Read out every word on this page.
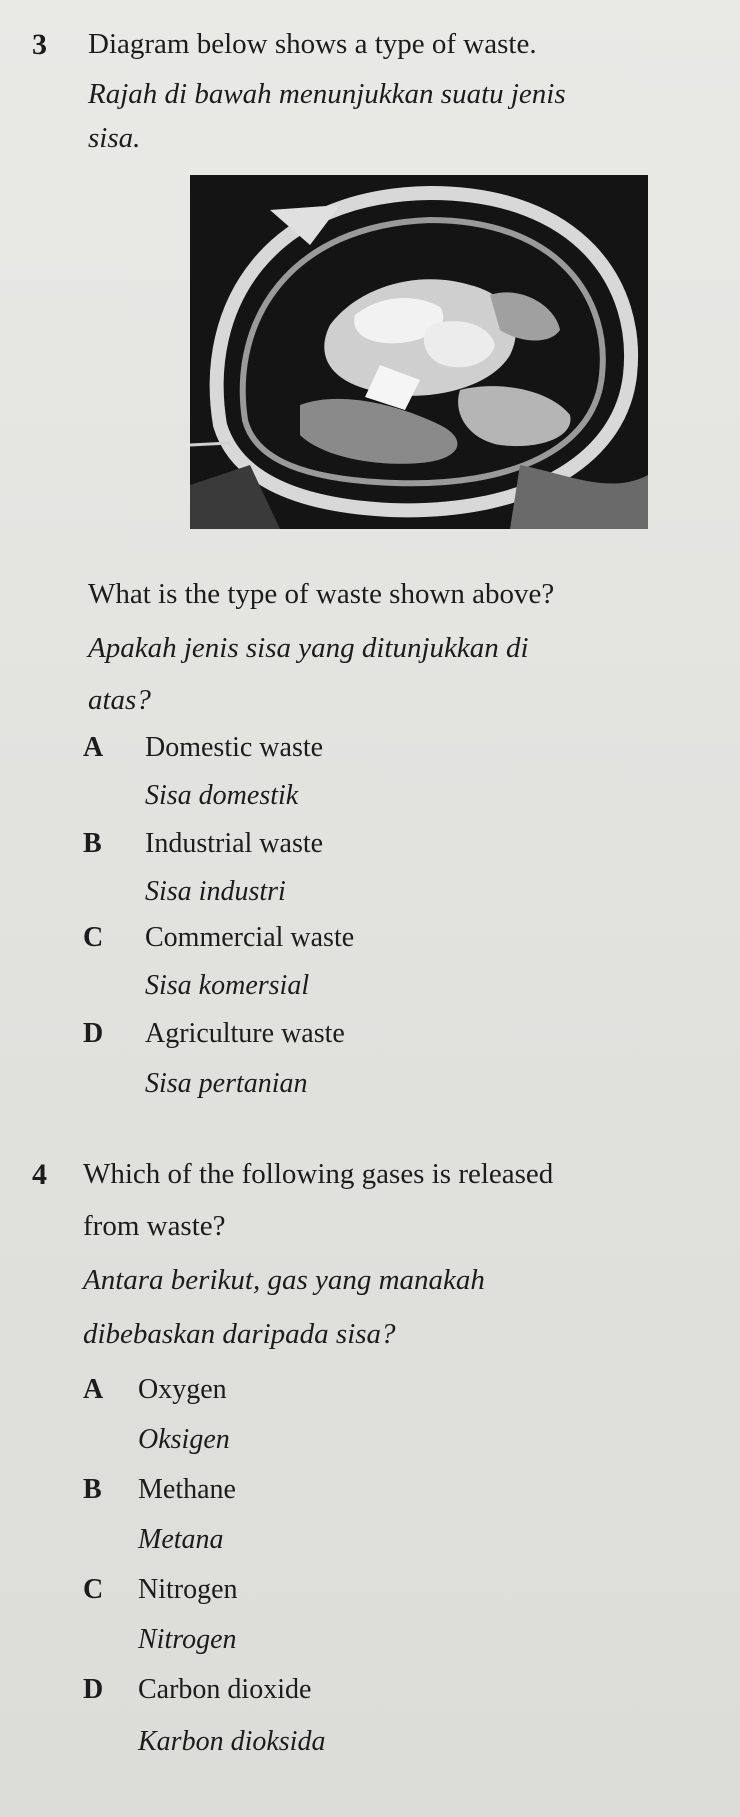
3 Diagram below shows a type of waste.
Rajah di bawah menunjukkan suatu jenis
sisa.
What is the type of waste shown above?
Apakah jenis sisa yang ditunjukkan di
atas?
A Domestic waste
Sisa domestik
B Industrial waste
Sisa industri
C Commercial waste
Sisa komersial
D Agriculture waste
Sisa pertanian
4 Which of the following gases is released
from waste?
Antara berikut, gas yang manakah
dibebaskan daripada sisa?
A Oxygen
Oksigen
B Methane
Metana
C Nitrogen
Nitrogen
D Carbon dioxide
Karbon dioksida
